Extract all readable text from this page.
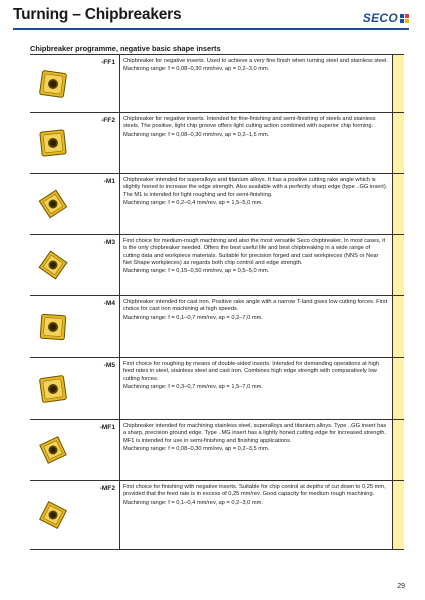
Turning – Chipbreakers	SECO
Chipbreaker programme, negative basic shape inserts
-FF1	Chipbreaker for negative inserts. Used to achieve a very fine finish when turning steel and stainless steel.

Machining range: f = 0,08–0,30 mm/rev, ap = 0,2–3,0 mm.

-FF2	Chipbreaker for negative inserts. Intended for fine-finishing and semi-finishing of steels and stainless steels. The positive, light chip groove offers light cutting action combined with superior chip forming.

Machining range: f = 0,08–0,30 mm/rev, ap = 0,2–1,5 mm.

-M1	Chipbreaker intended for superalloys and titanium alloys. It has a positive cutting rake angle which is slightly honed to increase the edge strength. Also available with a perfectly sharp edge (type ..GG insert). The M1 is intended for light roughing and for semi-finishing.

Machining range: f = 0,2–0,4 mm/rev, ap = 1,5–5,0 mm.

-M3	First choice for medium-rough machining and also the most versatile Seco chipbreaker. In most cases, it is the only chipbreaker needed. Offers the best useful life and best chipbreaking in a wide range of cutting data and workpiece materials. Suitable for precision forged and cast workpieces (NNS or Near Net Shape workpieces) as regards both chip control and edge strength.

Machining range: f = 0,15–0,50 mm/rev, ap = 0,5–5,0 mm.

-M4	Chipbreaker intended for cast iron. Positive rake angle with a narrow T-land gives low cutting forces. First choice for cast iron machining at high speeds.

Machining range: f = 0,1–0,7 mm/rev, ap = 0,2–7,0 mm.

-M5	First choice for roughing by means of double-sided inserts. Intended for demanding operations at high feed rates in steel, stainless steel and cast iron. Combines high edge strength with comparatively low cutting forces.

Machining range: f = 0,3–0,7 mm/rev, ap = 1,5–7,0 mm.

-MF1	Chipbreaker intended for machining stainless steel, superalloys and titanium alloys. Type ..GG insert has a sharp, precision ground edge. Type ..MG insert has a lightly honed cutting edge for increased strength. MF1 is intended for use in semi-finishing and finishing applications.

Machining range: f = 0,08–0,30 mm/rev, ap = 0,2–3,5 mm.

-MF2	First choice for finishing with negative inserts. Suitable for chip control at depths of cut down to 0,25 mm, provided that the feed rate is in excess of 0,25 mm/rev. Good capacity for medium rough machining.

Machining range: f = 0,1–0,4 mm/rev, ap = 0,2–3,0 mm.

29
